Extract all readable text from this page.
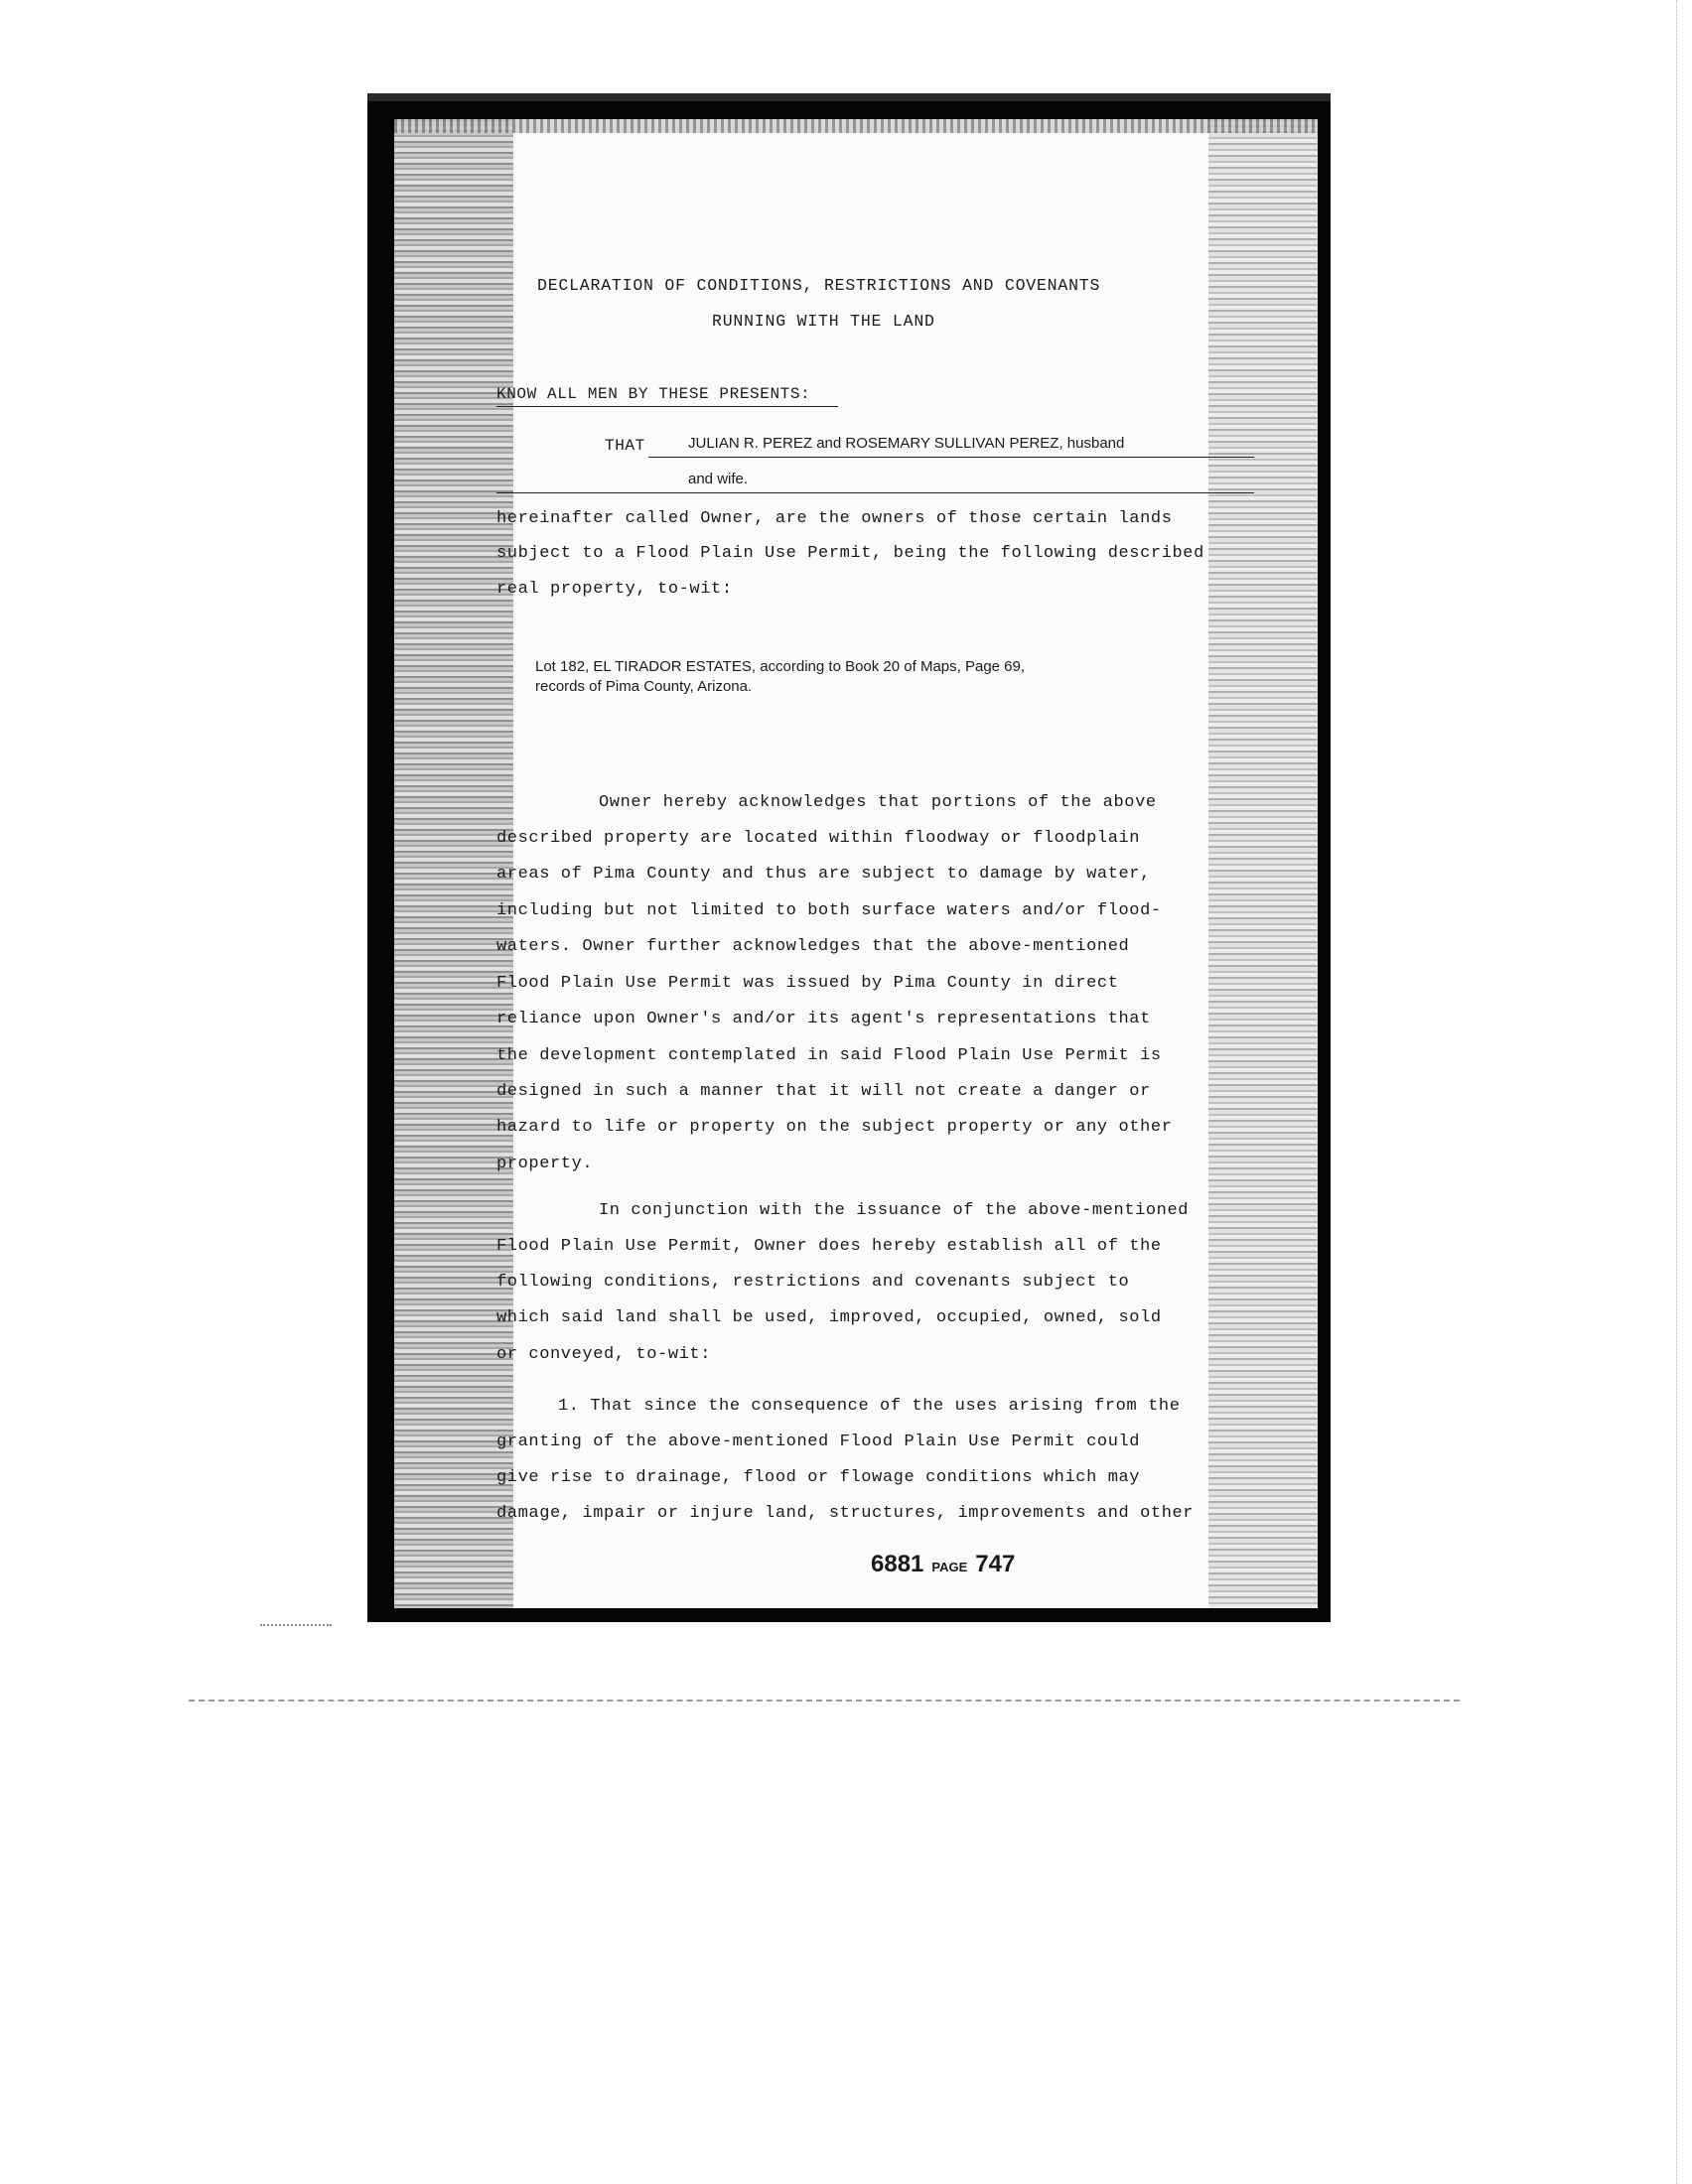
DECLARATION OF CONDITIONS, RESTRICTIONS AND COVENANTS
RUNNING WITH THE LAND
KNOW ALL MEN BY THESE PRESENTS:
THAT	JULIAN R. PEREZ and ROSEMARY SULLIVAN PEREZ, husband
and wife.
hereinafter called Owner, are the owners of those certain lands
subject to a Flood Plain Use Permit, being the following described
real property, to-wit:
Lot 182, EL TIRADOR ESTATES, according to Book 20 of Maps, Page 69,
records of Pima County, Arizona.
Owner hereby acknowledges that portions of the above
described property are located within floodway or floodplain
areas of Pima County and thus are subject to damage by water,
including but not limited to both surface waters and/or flood-
waters. Owner further acknowledges that the above-mentioned
Flood Plain Use Permit was issued by Pima County in direct
reliance upon Owner's and/or its agent's representations that
the development contemplated in said Flood Plain Use Permit is
designed in such a manner that it will not create a danger or
hazard to life or property on the subject property or any other
property.
In conjunction with the issuance of the above-mentioned
Flood Plain Use Permit, Owner does hereby establish all of the
following conditions, restrictions and covenants subject to
which said land shall be used, improved, occupied, owned, sold
or conveyed, to-wit:
1. That since the consequence of the uses arising from the
granting of the above-mentioned Flood Plain Use Permit could
give rise to drainage, flood or flowage conditions which may
damage, impair or injure land, structures, improvements and other
6881 PAGE 747
